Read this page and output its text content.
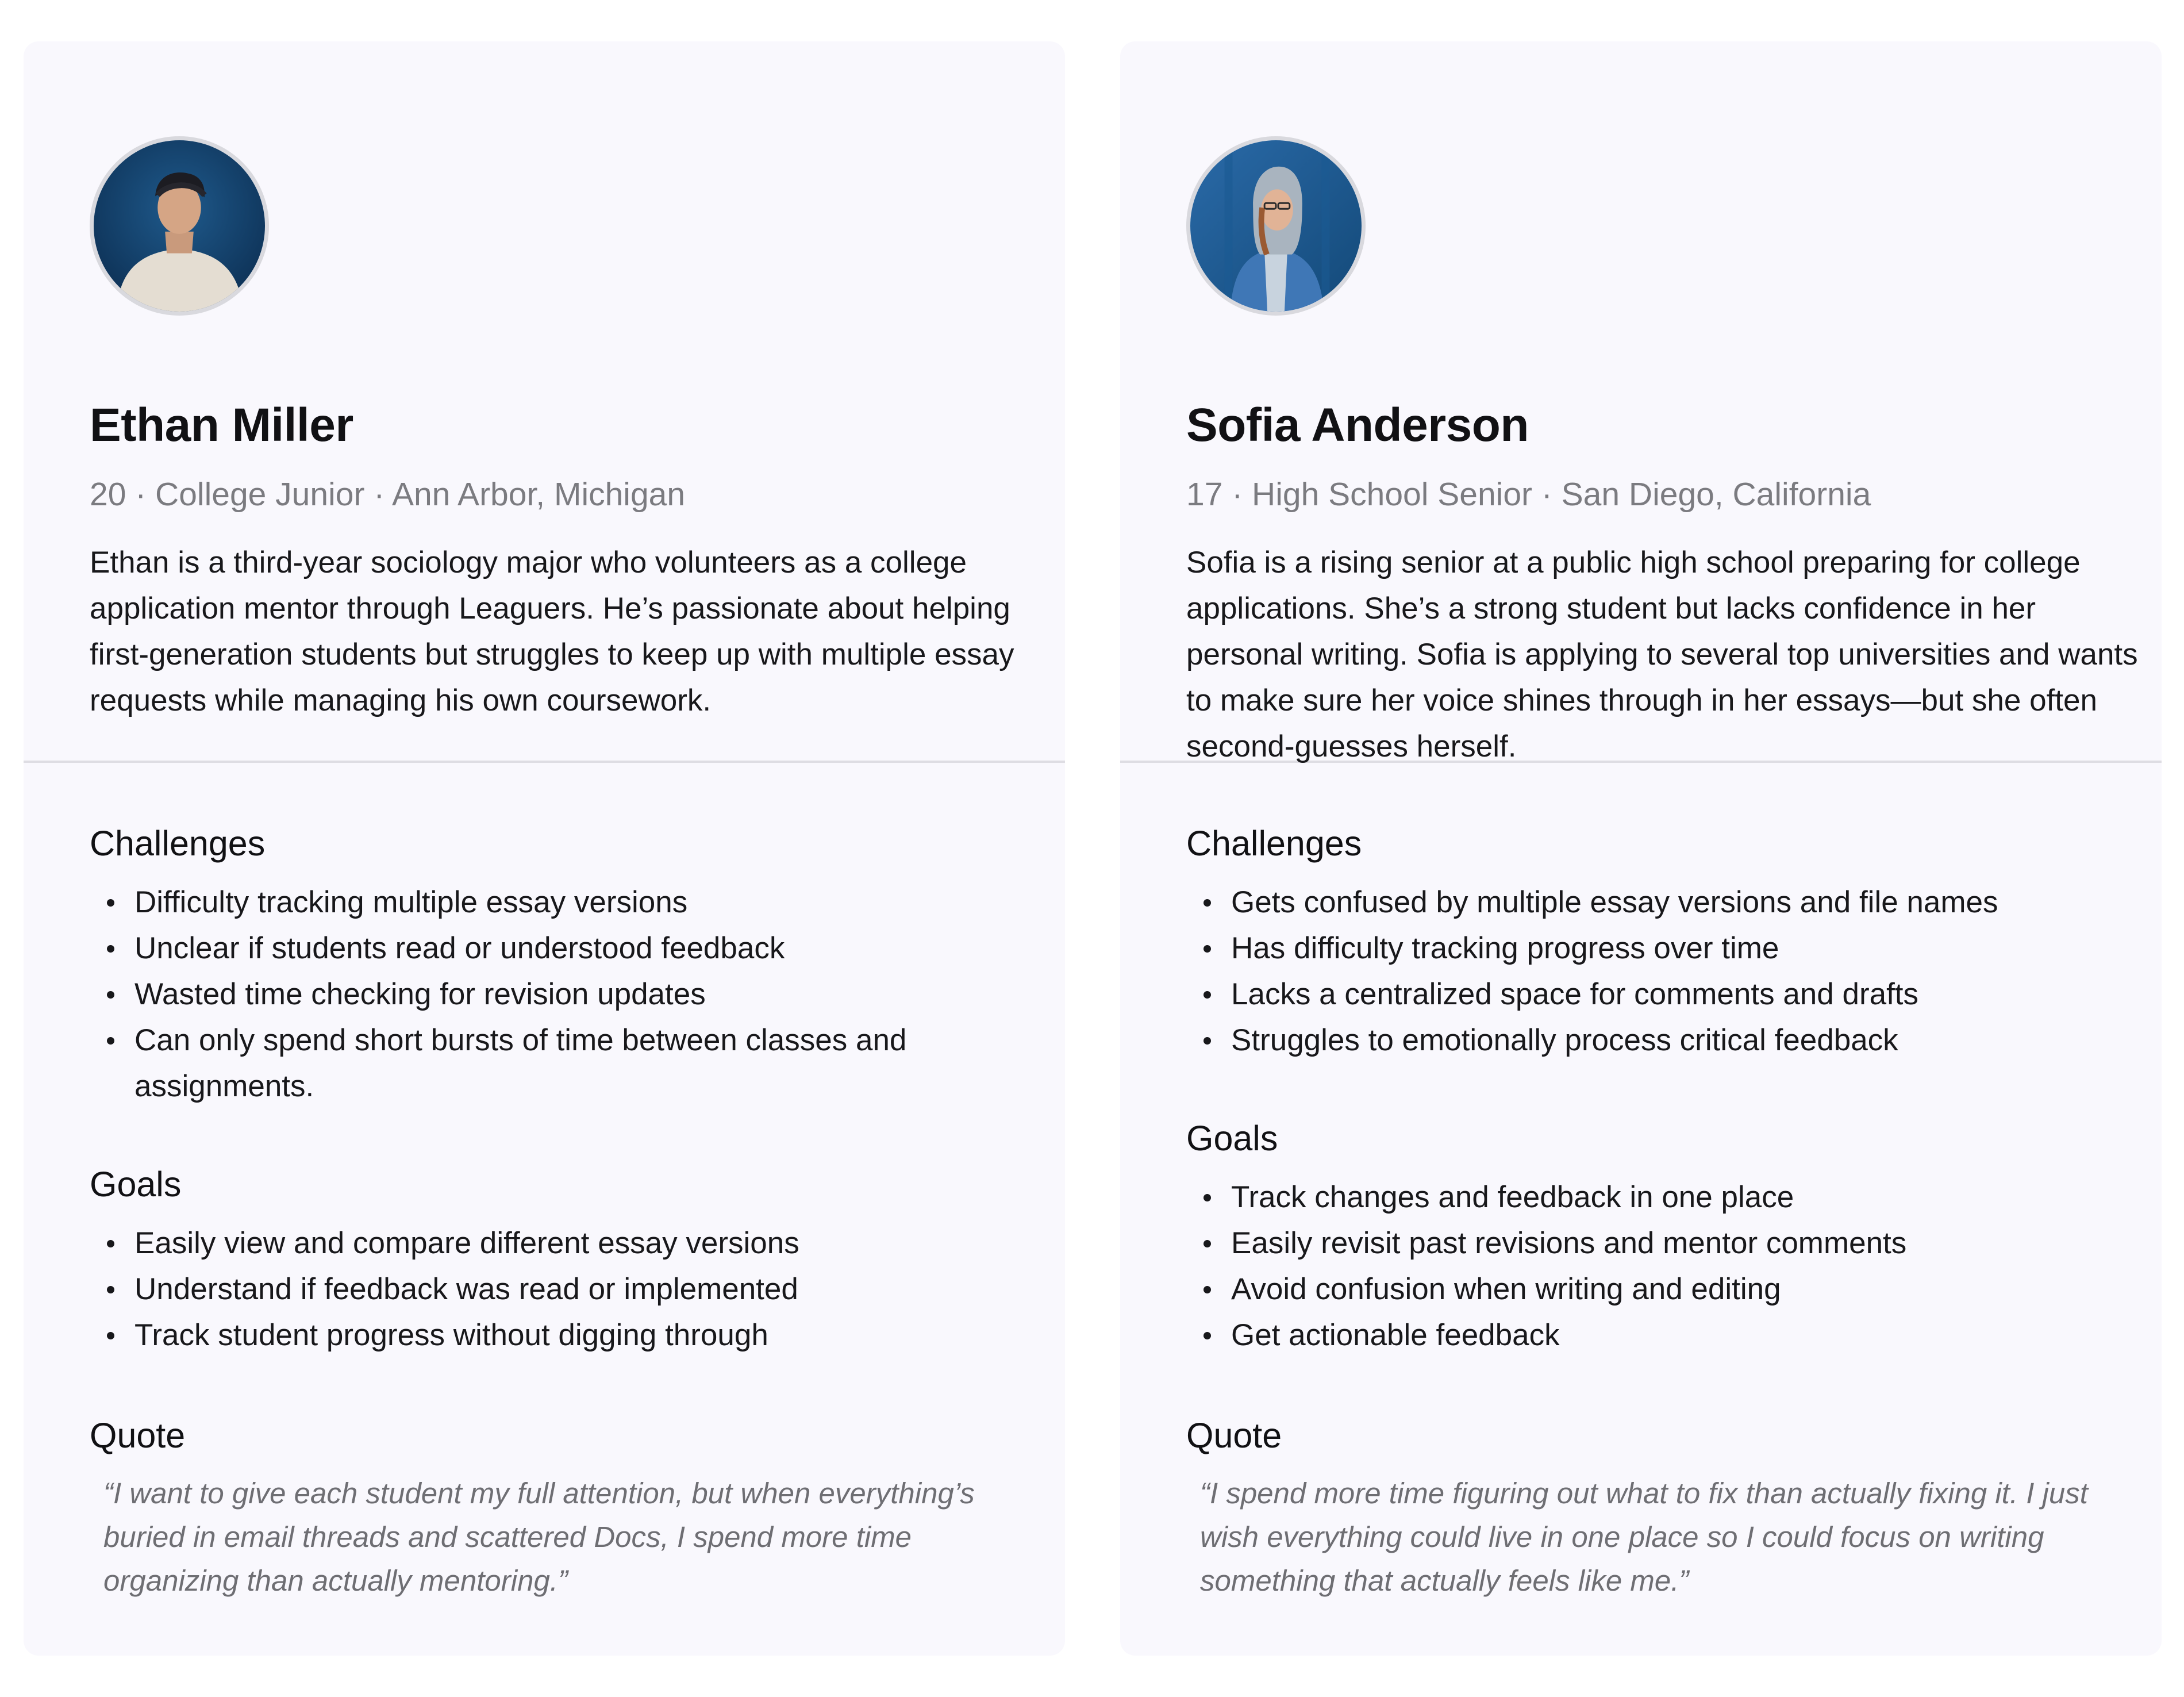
Ethan Miller
20 · College Junior · Ann Arbor, Michigan

Ethan is a third-year sociology major who volunteers as a college application mentor through Leaguers. He’s passionate about helping first-generation students but struggles to keep up with multiple essay requests while managing his own coursework.

Challenges
Difficulty tracking multiple essay versions
Unclear if students read or understood feedback
Wasted time checking for revision updates
Can only spend short bursts of time between classes and assignments.
Goals
Easily view and compare different essay versions
Understand if feedback was read or implemented
Track student progress without digging through
Quote

“I want to give each student my full attention, but when everything’s buried in email threads and scattered Docs, I spend more time organizing than actually mentoring.”

Sofia Anderson
17 · High School Senior · San Diego, California

Sofia is a rising senior at a public high school preparing for college applications. She’s a strong student but lacks confidence in her personal writing. Sofia is applying to several top universities and wants to make sure her voice shines through in her essays—but she often second-guesses herself.

Challenges
Gets confused by multiple essay versions and file names
Has difficulty tracking progress over time
Lacks a centralized space for comments and drafts
Struggles to emotionally process critical feedback
Goals
Track changes and feedback in one place
Easily revisit past revisions and mentor comments
Avoid confusion when writing and editing
Get actionable feedback
Quote

“I spend more time figuring out what to fix than actually fixing it. I just wish everything could live in one place so I could focus on writing something that actually feels like me.”
